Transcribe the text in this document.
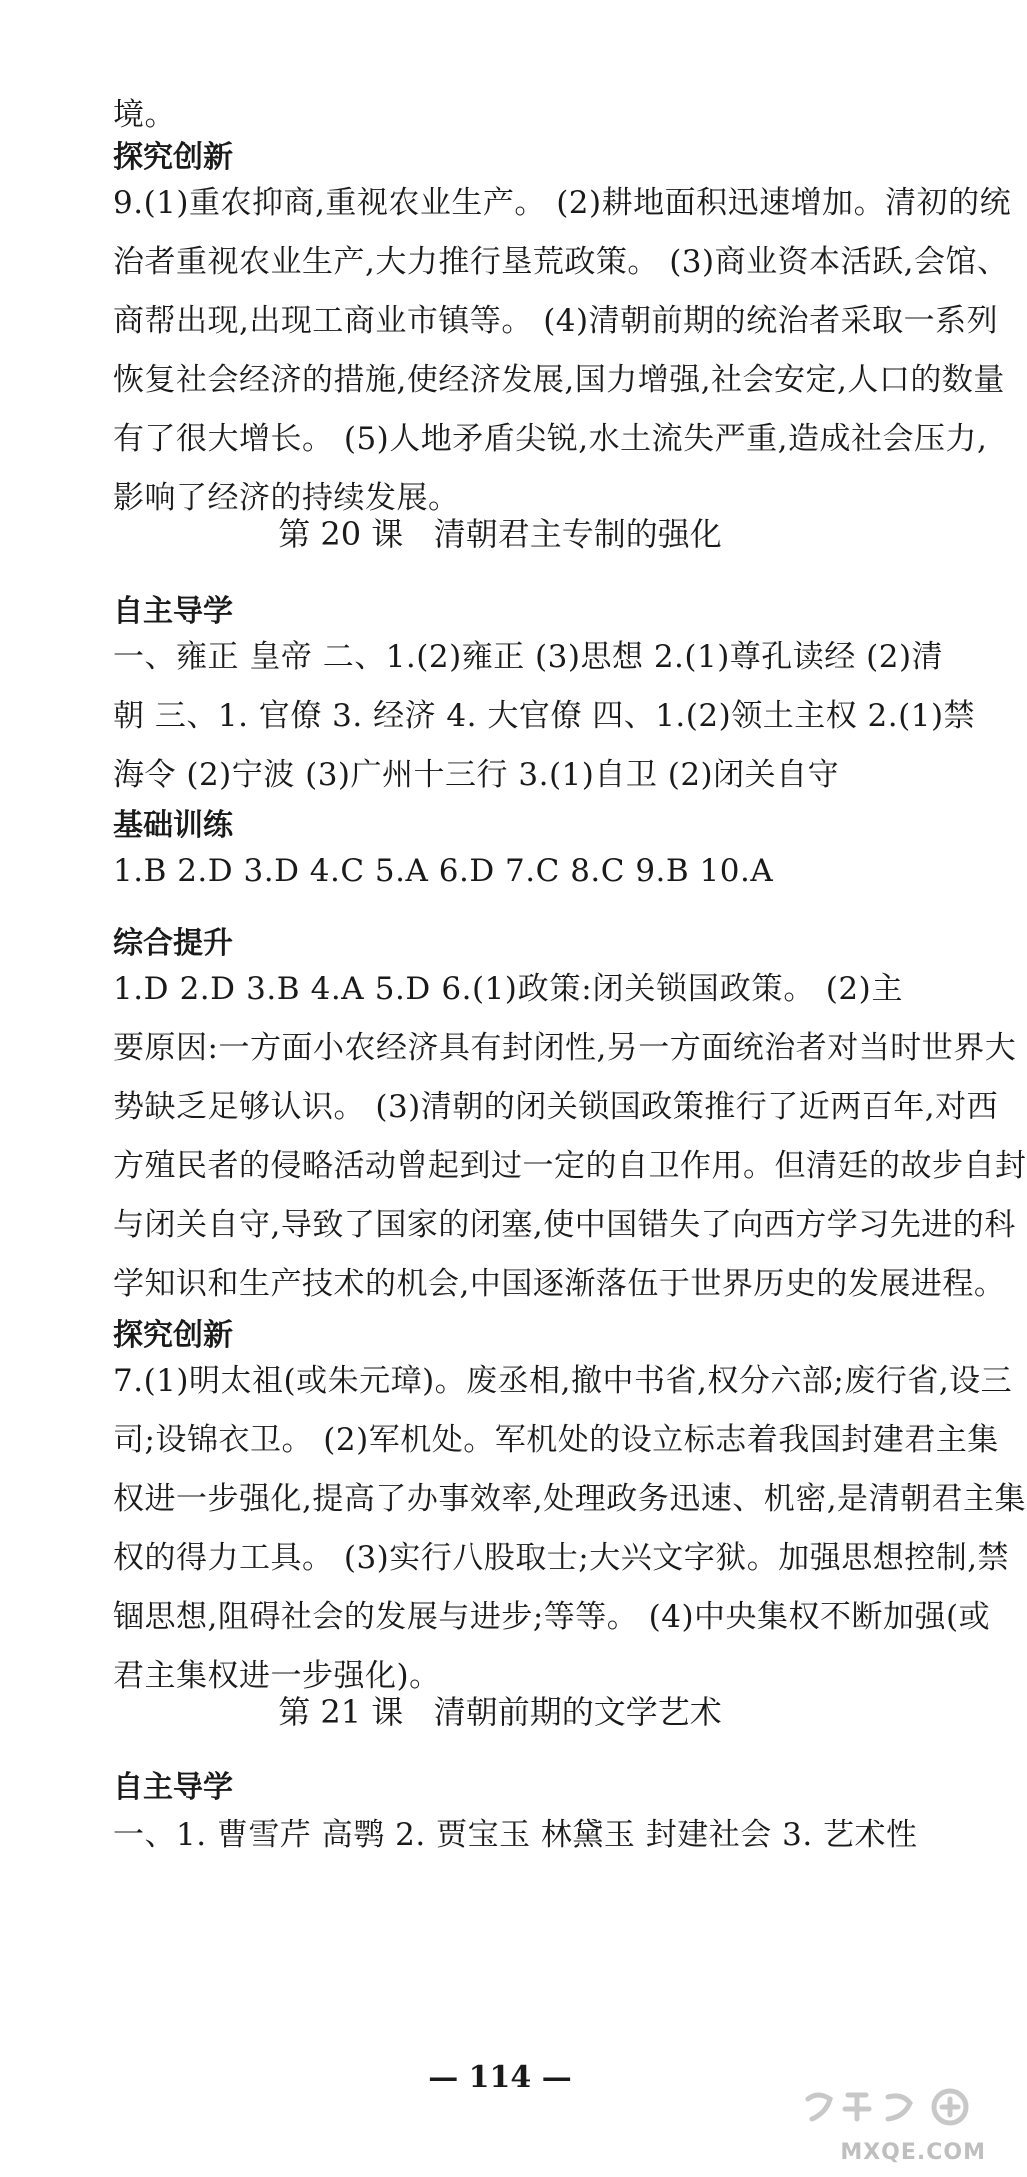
境。
探究创新
9.(1)重农抑商,重视农业生产。 (2)耕地面积迅速增加。清初的统
治者重视农业生产,大力推行垦荒政策。 (3)商业资本活跃,会馆、
商帮出现,出现工商业市镇等。 (4)清朝前期的统治者采取一系列
恢复社会经济的措施,使经济发展,国力增强,社会安定,人口的数量
有了很大增长。 (5)人地矛盾尖锐,水土流失严重,造成社会压力,
影响了经济的持续发展。
第 20 课   清朝君主专制的强化
自主导学
一、雍正 皇帝 二、1.(2)雍正 (3)思想 2.(1)尊孔读经 (2)清
朝 三、1. 官僚 3. 经济 4. 大官僚 四、1.(2)领土主权 2.(1)禁
海令 (2)宁波 (3)广州十三行 3.(1)自卫 (2)闭关自守
基础训练
1.B 2.D 3.D 4.C 5.A 6.D 7.C 8.C 9.B 10.A
综合提升
1.D 2.D 3.B 4.A 5.D 6.(1)政策:闭关锁国政策。 (2)主
要原因:一方面小农经济具有封闭性,另一方面统治者对当时世界大
势缺乏足够认识。 (3)清朝的闭关锁国政策推行了近两百年,对西
方殖民者的侵略活动曾起到过一定的自卫作用。但清廷的故步自封
与闭关自守,导致了国家的闭塞,使中国错失了向西方学习先进的科
学知识和生产技术的机会,中国逐渐落伍于世界历史的发展进程。
探究创新
7.(1)明太祖(或朱元璋)。废丞相,撤中书省,权分六部;废行省,设三
司;设锦衣卫。 (2)军机处。军机处的设立标志着我国封建君主集
权进一步强化,提高了办事效率,处理政务迅速、机密,是清朝君主集
权的得力工具。 (3)实行八股取士;大兴文字狱。加强思想控制,禁
锢思想,阻碍社会的发展与进步;等等。 (4)中央集权不断加强(或
君主集权进一步强化)。
第 21 课   清朝前期的文学艺术
自主导学
一、1. 曹雪芹 高鹗 2. 贾宝玉 林黛玉 封建社会 3. 艺术性
— 114 —
MXQE.COM
